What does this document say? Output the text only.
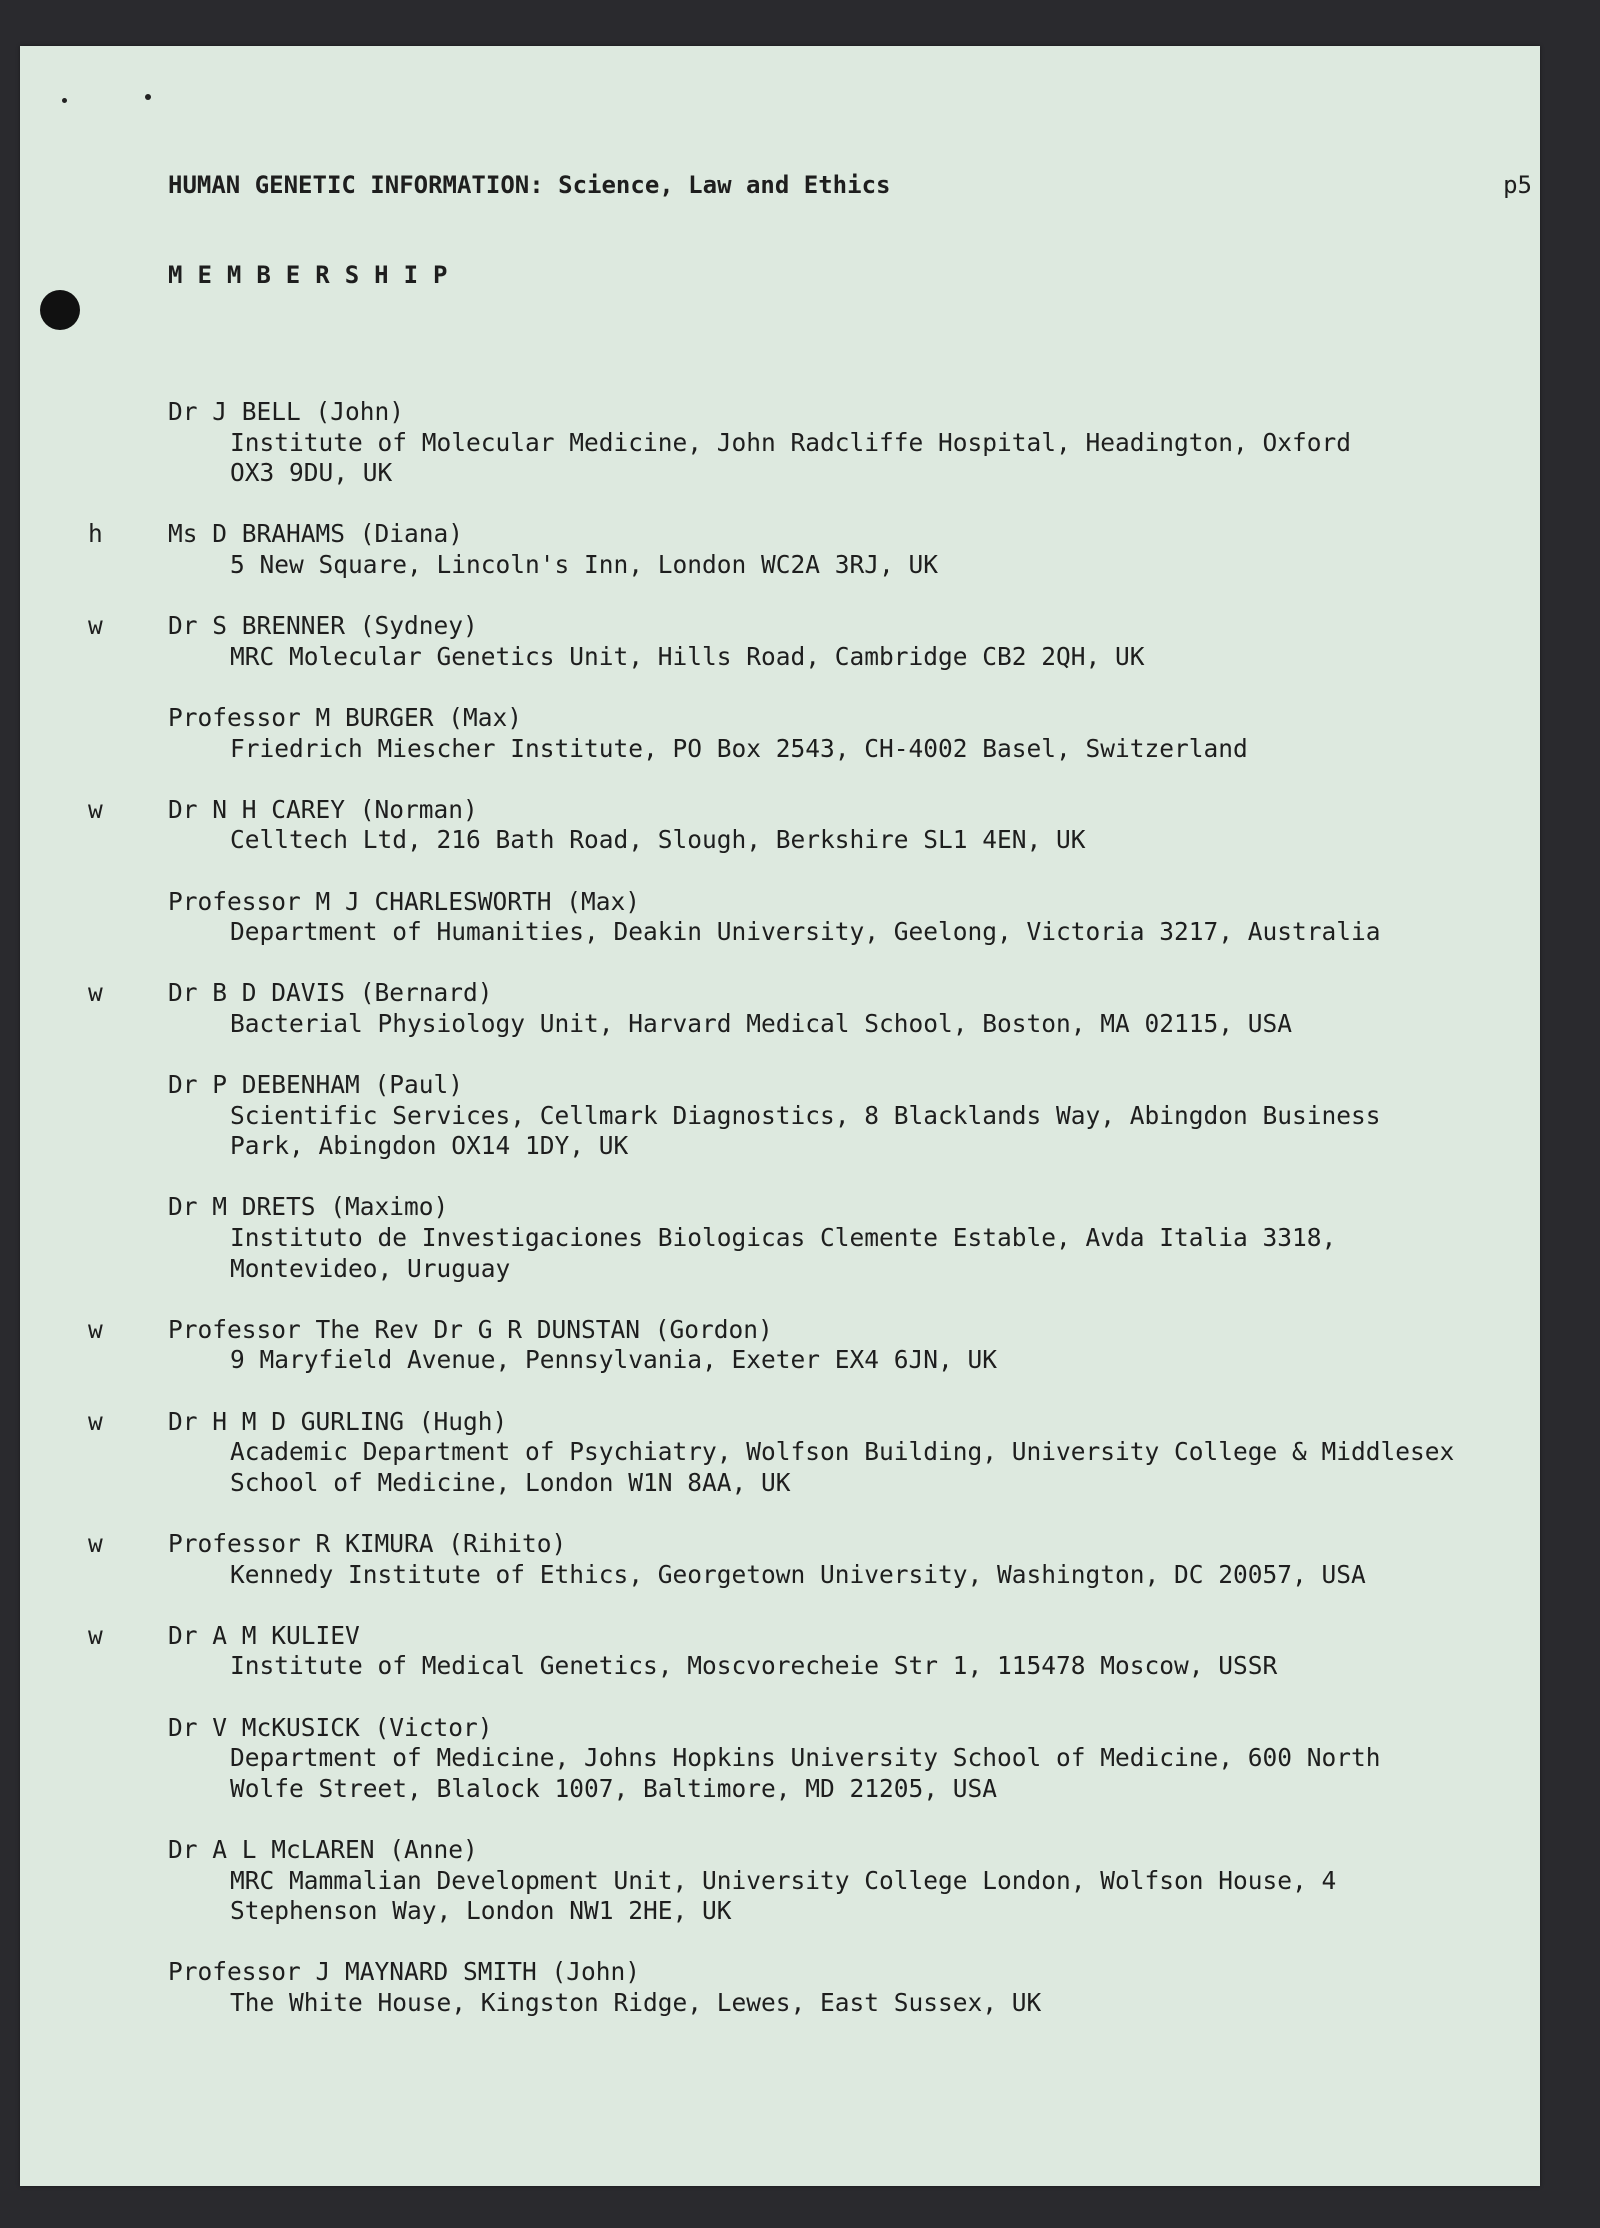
HUMAN GENETIC INFORMATION: Science, Law and Ethics	p5
MEMBERSHIP
Dr J BELL (John)
Institute of Molecular Medicine, John Radcliffe Hospital, Headington, Oxford
OX3 9DU, UK
h	Ms D BRAHAMS (Diana)
5 New Square, Lincoln's Inn, London WC2A 3RJ, UK
w	Dr S BRENNER (Sydney)
MRC Molecular Genetics Unit, Hills Road, Cambridge CB2 2QH, UK
Professor M BURGER (Max)
Friedrich Miescher Institute, PO Box 2543, CH-4002 Basel, Switzerland
w	Dr N H CAREY (Norman)
Celltech Ltd, 216 Bath Road, Slough, Berkshire SL1 4EN, UK
Professor M J CHARLESWORTH (Max)
Department of Humanities, Deakin University, Geelong, Victoria 3217, Australia
w	Dr B D DAVIS (Bernard)
Bacterial Physiology Unit, Harvard Medical School, Boston, MA 02115, USA
Dr P DEBENHAM (Paul)
Scientific Services, Cellmark Diagnostics, 8 Blacklands Way, Abingdon Business
Park, Abingdon OX14 1DY, UK
Dr M DRETS (Maximo)
Instituto de Investigaciones Biologicas Clemente Estable, Avda Italia 3318,
Montevideo, Uruguay
w	Professor The Rev Dr G R DUNSTAN (Gordon)
9 Maryfield Avenue, Pennsylvania, Exeter EX4 6JN, UK
w	Dr H M D GURLING (Hugh)
Academic Department of Psychiatry, Wolfson Building, University College & Middlesex
School of Medicine, London W1N 8AA, UK
w	Professor R KIMURA (Rihito)
Kennedy Institute of Ethics, Georgetown University, Washington, DC 20057, USA
w	Dr A M KULIEV
Institute of Medical Genetics, Moscvorecheie Str 1, 115478 Moscow, USSR
Dr V McKUSICK (Victor)
Department of Medicine, Johns Hopkins University School of Medicine, 600 North
Wolfe Street, Blalock 1007, Baltimore, MD 21205, USA
Dr A L McLAREN (Anne)
MRC Mammalian Development Unit, University College London, Wolfson House, 4
Stephenson Way, London NW1 2HE, UK
Professor J MAYNARD SMITH (John)
The White House, Kingston Ridge, Lewes, East Sussex, UK
